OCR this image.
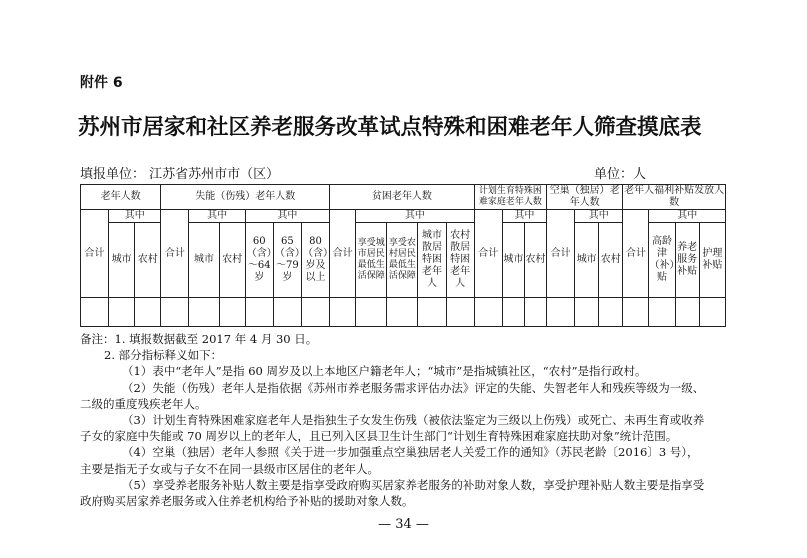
附件 6
苏州市居家和社区养老服务改革试点特殊和困难老年人筛查摸底表
填报单位： 江苏省苏州市市（区）	单位：人
老年人数			失能（伤残）老年人数						贫困老年人数					计划生育特殊困难家庭老年人数			空巢（独居）老年人数			老年人福利补贴发放人数			
合计	其中		合计	其中		其中			合计	其中				合计	其中		合计	其中		合计	其中		
	城市	农村		城市	农村	60（含）～64岁	65（含）～79岁	80（含）岁及以上		享受城市居民最低生活保障	享受农村居民最低生活保障	城市散居特困老年人	农村散居特困老年人		城市	农村		城市	农村		高龄津（补）贴	养老服务补贴	护理补贴

备注：1. 填报数据截至 2017 年 4 月 30 日。

2. 部分指标释义如下：

（1）表中“老年人”是指 60 周岁及以上本地区户籍老年人；“城市”是指城镇社区，“农村”是指行政村。

（2）失能（伤残）老年人是指依据《苏州市养老服务需求评估办法》评定的失能、失智老年人和残疾等级为一级、

二级的重度残疾老年人。

（3）计划生育特殊困难家庭老年人是指独生子女发生伤残（被依法鉴定为三级以上伤残）或死亡、未再生育或收养

子女的家庭中失能或 70 周岁以上的老年人，且已列入区县卫生计生部门“计划生育特殊困难家庭扶助对象”统计范围。

（4）空巢（独居）老年人参照《关于进一步加强重点空巢独居老人关爱工作的通知》（苏民老龄〔2016〕3 号），

主要是指无子女或与子女不在同一县级市区居住的老年人。

（5）享受养老服务补贴人数主要是指享受政府购买居家养老服务的补助对象人数，享受护理补贴人数主要是指享受

政府购买居家养老服务或入住养老机构给予补贴的援助对象人数。

— 34 —
